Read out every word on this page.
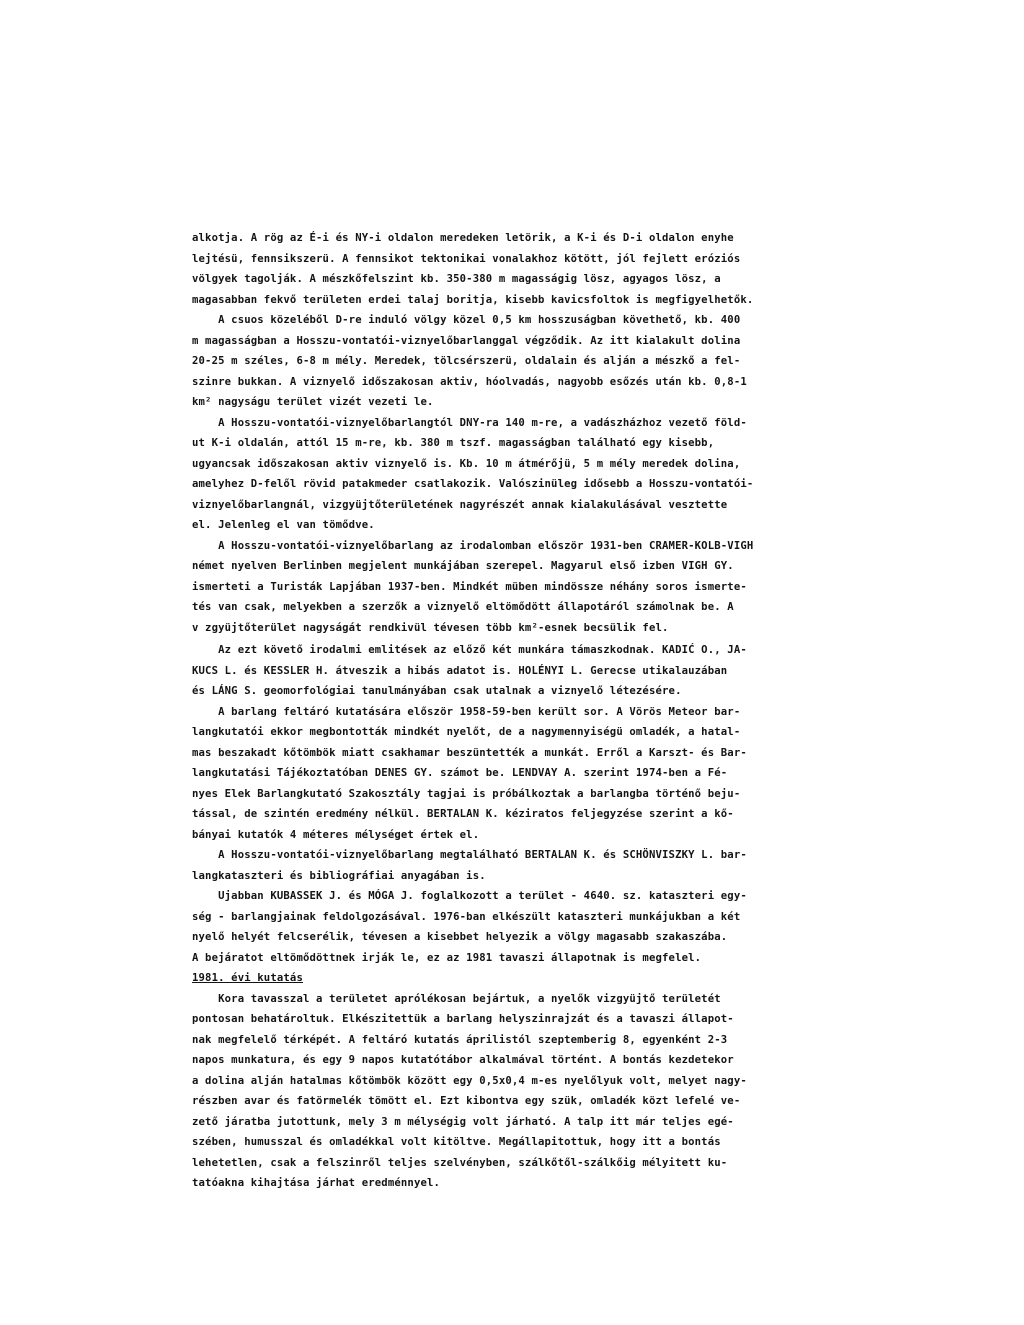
alkotja. A rög az É-i és NY-i oldalon meredeken letörik, a K-i és D-i oldalon enyhe
lejtésü, fennsikszerü. A fennsikot tektonikai vonalakhoz kötött, jól fejlett eróziós
völgyek tagolják. A mészkőfelszint kb. 350-380 m magasságig lösz, agyagos lösz, a
magasabban fekvő területen erdei talaj boritja, kisebb kavicsfoltok is megfigyelhetők.
A csuos közeléből D-re induló völgy közel 0,5 km hosszuságban követhető, kb. 400
m magasságban a Hosszu-vontatói-viznyelőbarlanggal végződik. Az itt kialakult dolina
20-25 m széles, 6-8 m mély. Meredek, tölcsérszerü, oldalain és alján a mészkő a fel-
szinre bukkan. A viznyelő időszakosan aktiv, hóolvadás, nagyobb esőzés után kb. 0,8-1
km² nagyságu terület vizét vezeti le.
A Hosszu-vontatói-viznyelőbarlangtól DNY-ra 140 m-re, a vadászházhoz vezető föld-
ut K-i oldalán, attól 15 m-re, kb. 380 m tszf. magasságban található egy kisebb,
ugyancsak időszakosan aktiv viznyelő is. Kb. 10 m átmérőjü, 5 m mély meredek dolina,
amelyhez D-felől rövid patakmeder csatlakozik. Valószinüleg idősebb a Hosszu-vontatói-
viznyelőbarlangnál, vizgyüjtőterületének nagyrészét annak kialakulásával vesztette
el. Jelenleg el van tömődve.
A Hosszu-vontatói-viznyelőbarlang az irodalomban először 1931-ben CRAMER-KOLB-VIGH
német nyelven Berlinben megjelent munkájában szerepel. Magyarul első izben VIGH GY.
ismerteti a Turisták Lapjában 1937-ben. Mindkét müben mindössze néhány soros ismerte-
tés van csak, melyekben a szerzők a viznyelő eltömődött állapotáról számolnak be. A
v zgyüjtőterület nagyságát rendkivül tévesen több km²-esnek becsülik fel.
Az ezt követő irodalmi emlitések az előző két munkára támaszkodnak. KADIĆ O., JA-
KUCS L. és KESSLER H. átveszik a hibás adatot is. HOLÉNYI L. Gerecse utikalauzában
és LÁNG S. geomorfológiai tanulmányában csak utalnak a viznyelő létezésére.
A barlang feltáró kutatására először 1958-59-ben került sor. A Vörös Meteor bar-
langkutatói ekkor megbontották mindkét nyelőt, de a nagymennyiségü omladék, a hatal-
mas beszakadt kőtömbök miatt csakhamar beszüntették a munkát. Erről a Karszt- és Bar-
langkutatási Tájékoztatóban DENES GY. számot be. LENDVAY A. szerint 1974-ben a Fé-
nyes Elek Barlangkutató Szakosztály tagjai is próbálkoztak a barlangba történő beju-
tással, de szintén eredmény nélkül. BERTALAN K. kéziratos feljegyzése szerint a kő-
bányai kutatók 4 méteres mélységet értek el.
A Hosszu-vontatói-viznyelőbarlang megtalálható BERTALAN K. és SCHÖNVISZKY L. bar-
langkataszteri és bibliográfiai anyagában is.
Ujabban KUBASSEK J. és MÓGA J. foglalkozott a terület - 4640. sz. kataszteri egy-
ség - barlangjainak feldolgozásával. 1976-ban elkészült kataszteri munkájukban a két
nyelő helyét felcserélik, tévesen a kisebbet helyezik a völgy magasabb szakaszába.
A bejáratot eltömődöttnek irják le, ez az 1981 tavaszi állapotnak is megfelel.
1981. évi kutatás
Kora tavasszal a területet aprólékosan bejártuk, a nyelők vizgyüjtő területét
pontosan behatároltuk. Elkészitettük a barlang helyszinrajzát és a tavaszi állapot-
nak megfelelő térképét. A feltáró kutatás áprilistól szeptemberig 8, egyenként 2-3
napos munkatura, és egy 9 napos kutatótábor alkalmával történt. A bontás kezdetekor
a dolina alján hatalmas kőtömbök között egy 0,5x0,4 m-es nyelőlyuk volt, melyet nagy-
részben avar és fatörmelék tömött el. Ezt kibontva egy szük, omladék közt lefelé ve-
zető járatba jutottunk, mely 3 m mélységig volt járható. A talp itt már teljes egé-
szében, humusszal és omladékkal volt kitöltve. Megállapitottuk, hogy itt a bontás
lehetetlen, csak a felszinről teljes szelvényben, szálkőtől-szálkőig mélyitett ku-
tatóakna kihajtása járhat eredménnyel.
